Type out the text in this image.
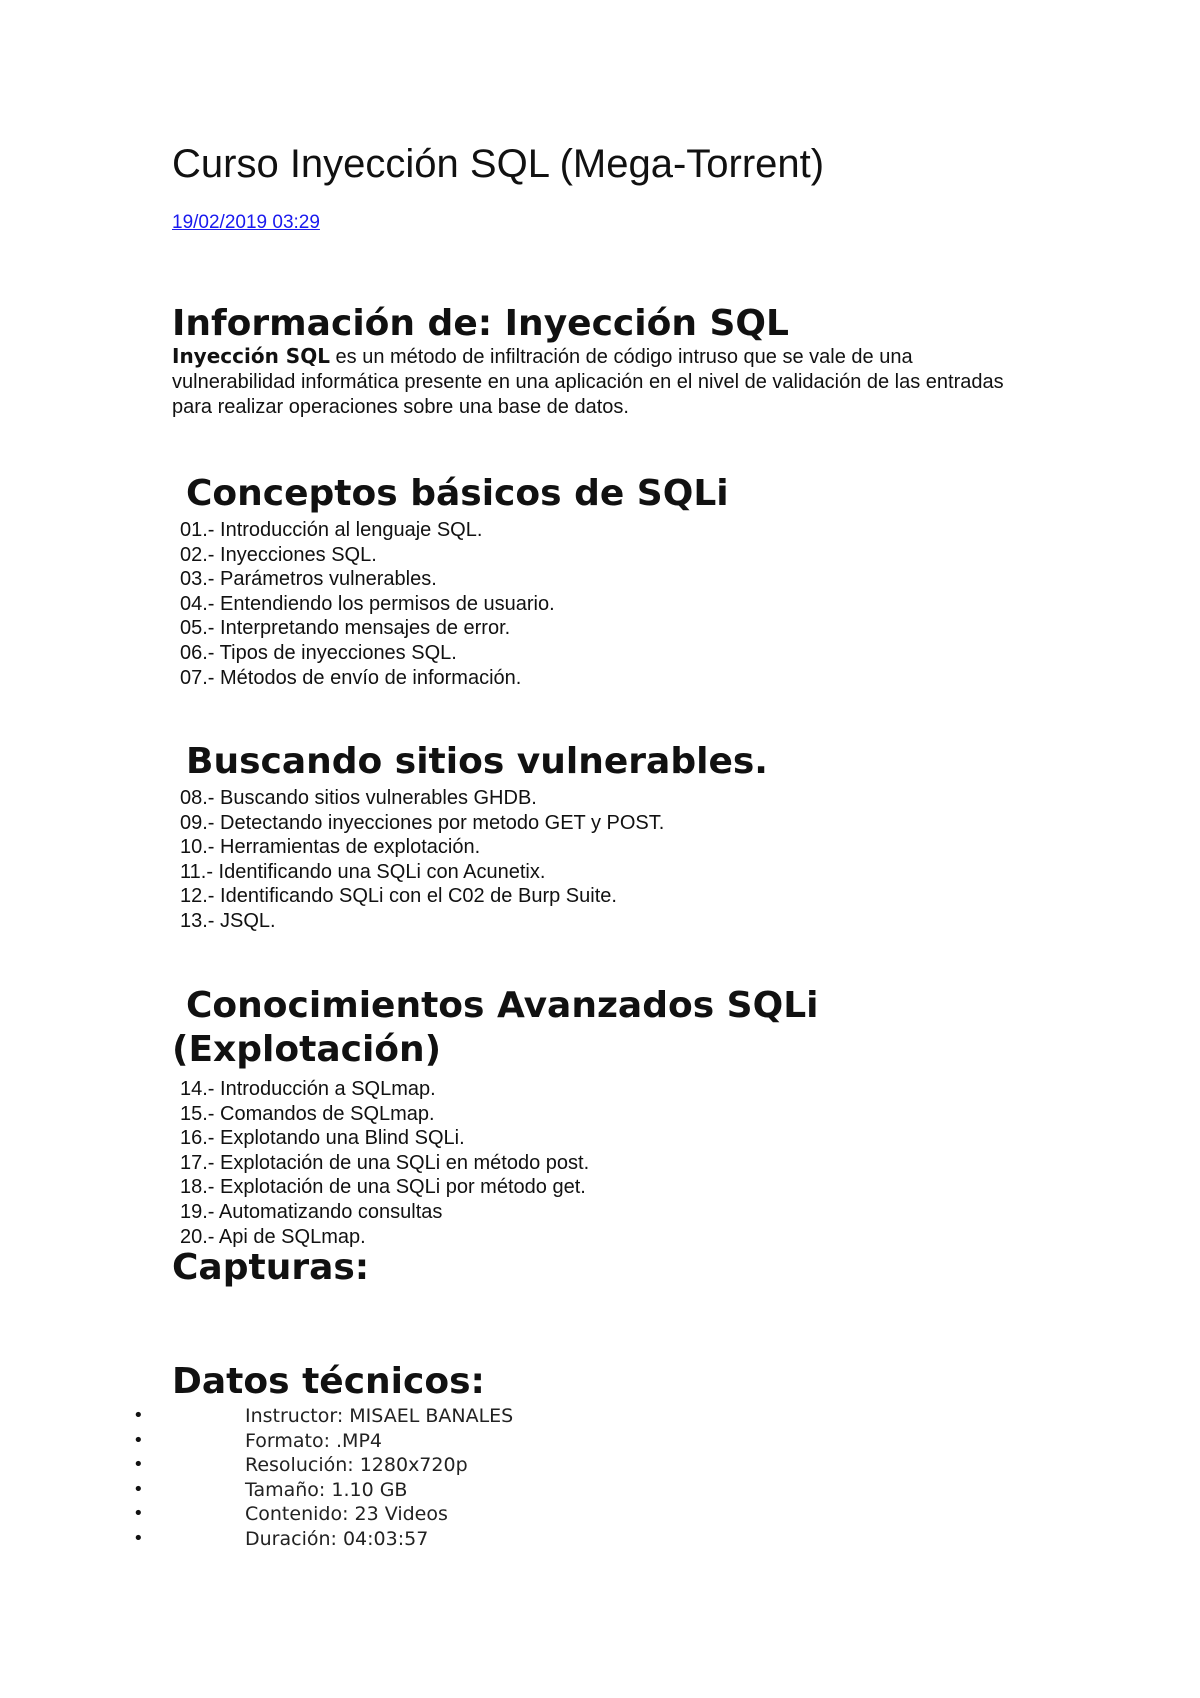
Curso Inyección SQL (Mega-Torrent)
19/02/2019 03:29
Información de: Inyección SQL

Inyección SQL es un método de infiltración de código intruso que se vale de una vulnerabilidad informática presente en una aplicación en el nivel de validación de las entradas para realizar operaciones sobre una base de datos.

Conceptos básicos de SQLi
01.- Introducción al lenguaje SQL.
02.- Inyecciones SQL.
03.- Parámetros vulnerables.
04.- Entendiendo los permisos de usuario.
05.- Interpretando mensajes de error.
06.- Tipos de inyecciones SQL.
07.- Métodos de envío de información.
Buscando sitios vulnerables.
08.- Buscando sitios vulnerables GHDB.
09.- Detectando inyecciones por metodo GET y POST.
10.- Herramientas de explotación.
11.- Identificando una SQLi con Acunetix.
12.- Identificando SQLi con el C02 de Burp Suite.
13.- JSQL.
Conocimientos Avanzados SQLi
(Explotación)
14.- Introducción a SQLmap.
15.- Comandos de SQLmap.
16.- Explotando una Blind SQLi.
17.- Explotación de una SQLi en método post.
18.- Explotación de una SQLi por método get.
19.- Automatizando consultas
20.- Api de SQLmap.
Capturas:
Datos técnicos:
•	Instructor: MISAEL BANALES
•	Formato: .MP4
•	Resolución: 1280x720p
•	Tamaño: 1.10 GB
•	Contenido: 23 Videos
•	Duración: 04:03:57
